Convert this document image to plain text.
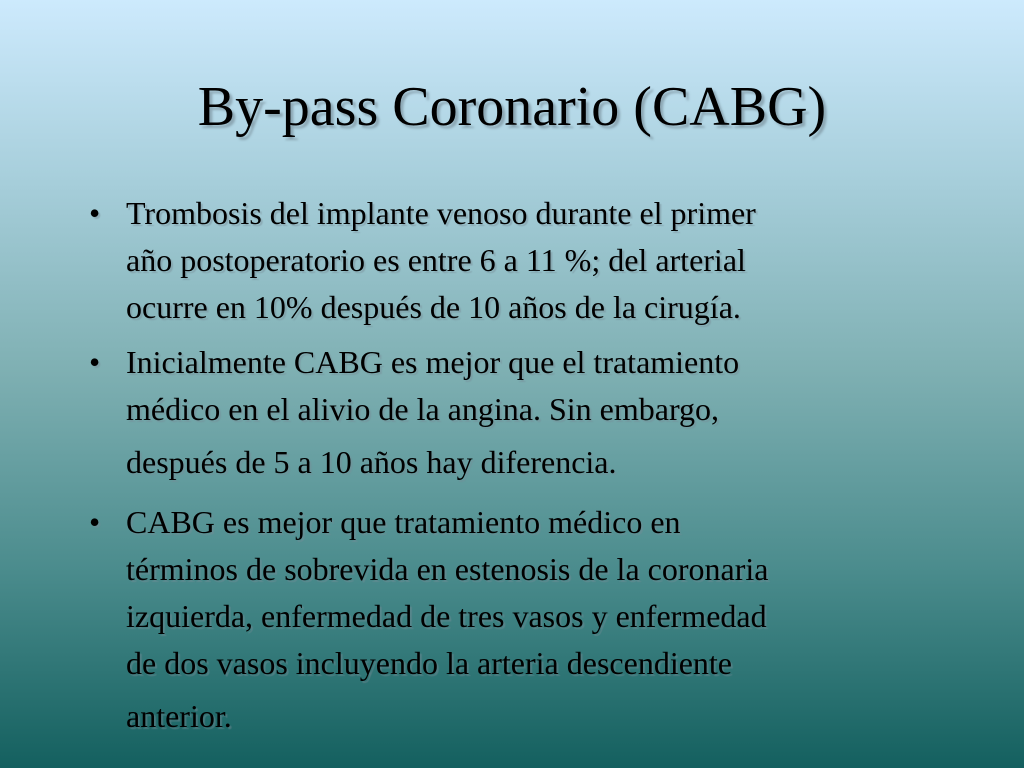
By-pass Coronario (CABG)
• Trombosis del implante venoso durante el primer
año postoperatorio es entre 6 a 11 %; del arterial
ocurre en 10% después de 10 años de la cirugía.
• Inicialmente CABG es mejor que el tratamiento
médico en el alivio de la angina. Sin embargo,
después de 5 a 10 años hay diferencia.
• CABG es mejor que tratamiento médico en
términos de sobrevida en estenosis de la coronaria
izquierda, enfermedad de tres vasos y enfermedad
de dos vasos incluyendo la arteria descendiente
anterior.
